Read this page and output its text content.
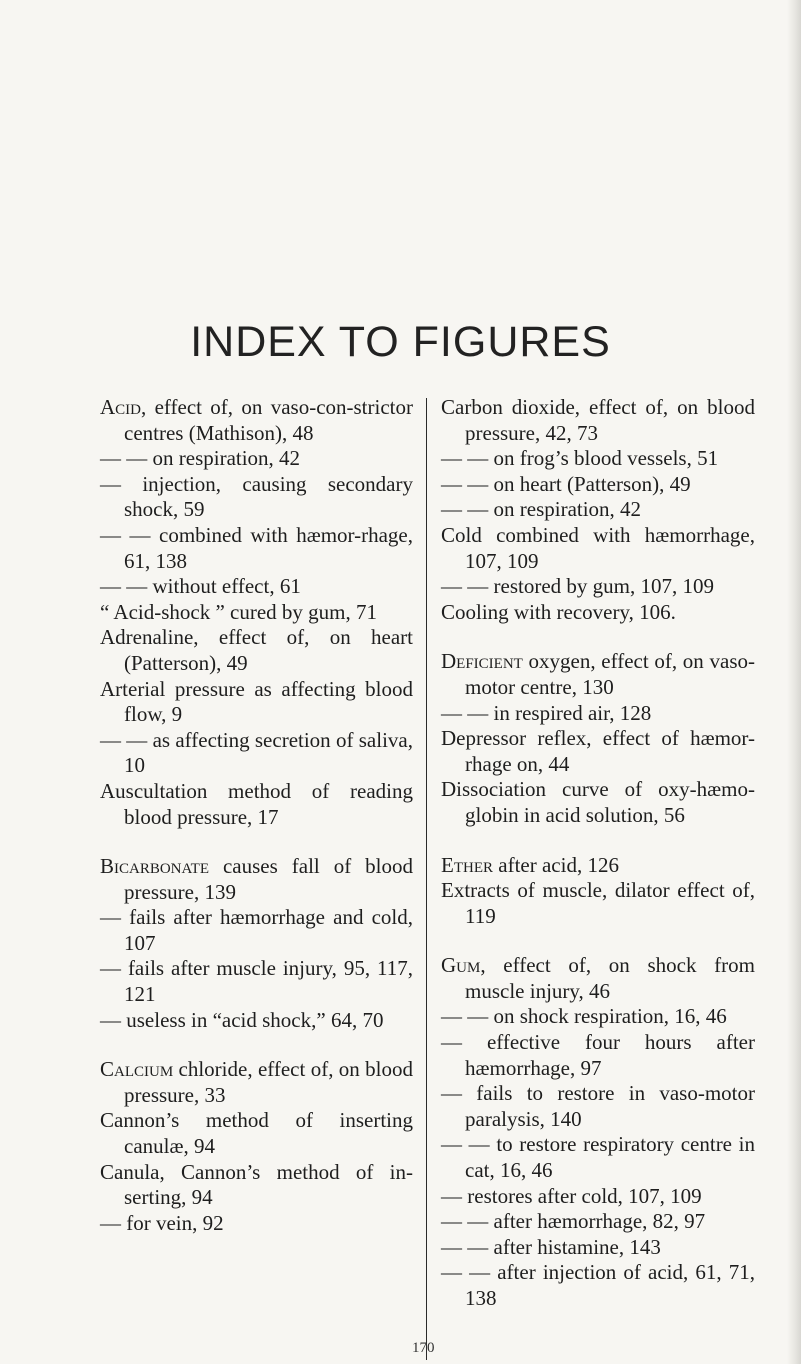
INDEX TO FIGURES
Acid, effect of, on vaso-con-strictor centres (Mathison), 48
— — on respiration, 42
— injection, causing secondary shock, 59
— — combined with hæmor-rhage, 61, 138
— — without effect, 61
“ Acid-shock ” cured by gum, 71
Adrenaline, effect of, on heart (Patterson), 49
Arterial pressure as affecting blood flow, 9
— — as affecting secretion of saliva, 10
Auscultation method of reading blood pressure, 17
Bicarbonate causes fall of blood pressure, 139
— fails after hæmorrhage and cold, 107
— fails after muscle injury, 95, 117, 121
— useless in “acid shock,” 64, 70
Calcium chloride, effect of, on blood pressure, 33
Cannon’s method of inserting canulæ, 94
Canula, Cannon’s method of in-serting, 94
— for vein, 92
Carbon dioxide, effect of, on blood pressure, 42, 73
— — on frog’s blood vessels, 51
— — on heart (Patterson), 49
— — on respiration, 42
Cold combined with hæmorrhage, 107, 109
— — restored by gum, 107, 109
Cooling with recovery, 106.
Deficient oxygen, effect of, on vaso-motor centre, 130
— — in respired air, 128
Depressor reflex, effect of hæmor-rhage on, 44
Dissociation curve of oxy-hæmo-globin in acid solution, 56
Ether after acid, 126
Extracts of muscle, dilator effect of, 119
Gum, effect of, on shock from muscle injury, 46
— — on shock respiration, 16, 46
— effective four hours after hæmorrhage, 97
— fails to restore in vaso-motor paralysis, 140
— — to restore respiratory centre in cat, 16, 46
— restores after cold, 107, 109
— — after hæmorrhage, 82, 97
— — after histamine, 143
— — after injection of acid, 61, 71, 138
170
